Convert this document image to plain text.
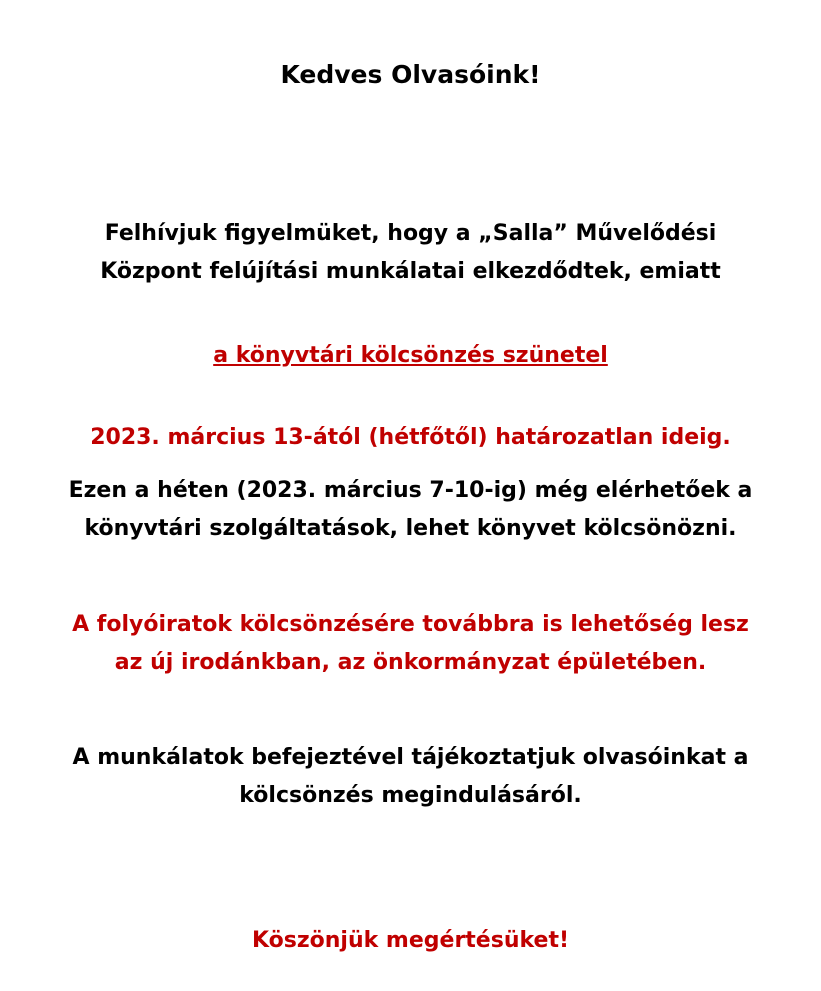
Kedves Olvasóink!

Felhívjuk figyelmüket, hogy a „Salla” Művelődési

Központ felújítási munkálatai elkezdődtek, emiatt

a könyvtári kölcsönzés szünetel

2023. március 13-ától (hétfőtől) határozatlan ideig.

Ezen a héten (2023. március 7-10-ig) még elérhetőek a

könyvtári szolgáltatások, lehet könyvet kölcsönözni.

A folyóiratok kölcsönzésére továbbra is lehetőség lesz

az új irodánkban, az önkormányzat épületében.

A munkálatok befejeztével tájékoztatjuk olvasóinkat a

kölcsönzés megindulásáról.

Köszönjük megértésüket!
